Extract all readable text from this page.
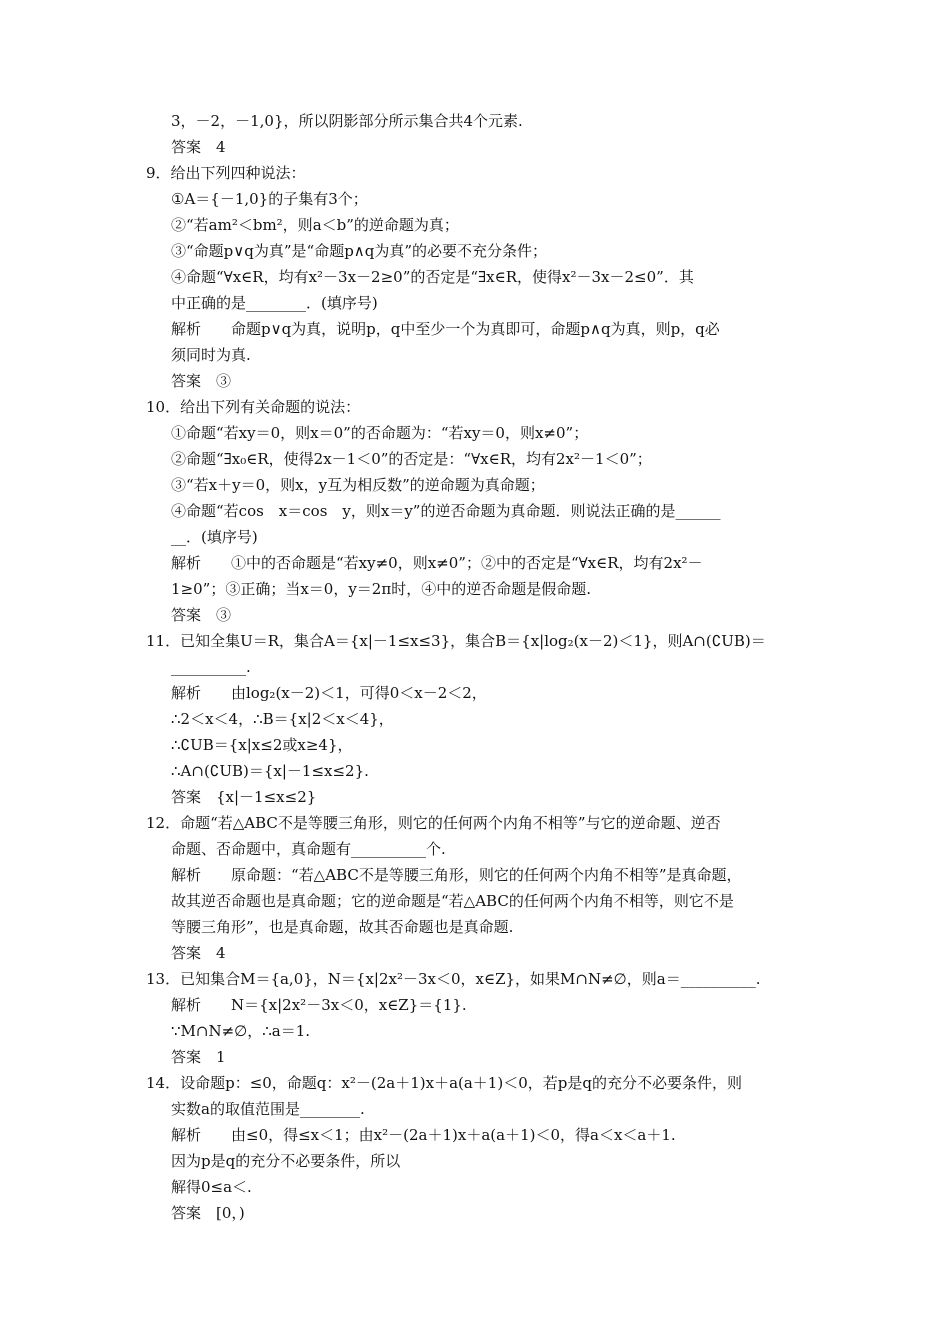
3，－2，－1,0}，所以阴影部分所示集合共4个元素.
答案　4
9．给出下列四种说法：
①A＝{－1,0}的子集有3个；
②“若am²＜bm²，则a＜b”的逆命题为真；
③“命题p∨q为真”是“命题p∧q为真”的必要不充分条件；
④命题“∀x∈R，均有x²－3x－2≥0”的否定是“∃x∈R，使得x²－3x－2≤0”．其
中正确的是________．(填序号)
解析　　命题p∨q为真，说明p，q中至少一个为真即可，命题p∧q为真，则p，q必
须同时为真.
答案　③
10．给出下列有关命题的说法：
①命题“若xy＝0，则x＝0”的否命题为：“若xy＝0，则x≠0”；
②命题“∃x₀∈R，使得2x－1＜0”的否定是：“∀x∈R，均有2x²－1＜0”；
③“若x＋y＝0，则x，y互为相反数”的逆命题为真命题；
④命题“若cos　x＝cos　y，则x＝y”的逆否命题为真命题．则说法正确的是______
__．(填序号)
解析　　①中的否命题是“若xy≠0，则x≠0”；②中的否定是“∀x∈R，均有2x²－
1≥0”；③正确；当x＝0，y＝2π时，④中的逆否命题是假命题.
答案　③
11．已知全集U＝R，集合A＝{x|－1≤x≤3}，集合B＝{x|log₂(x－2)＜1}，则A∩(∁UB)＝
__________.
解析　　由log₂(x－2)＜1，可得0＜x－2＜2，
∴2＜x＜4，∴B＝{x|2＜x＜4}，
∴∁UB＝{x|x≤2或x≥4}，
∴A∩(∁UB)＝{x|－1≤x≤2}.
答案　{x|－1≤x≤2}
12．命题“若△ABC不是等腰三角形，则它的任何两个内角不相等”与它的逆命题、逆否
命题、否命题中，真命题有__________个.
解析　　原命题：“若△ABC不是等腰三角形，则它的任何两个内角不相等”是真命题，
故其逆否命题也是真命题；它的逆命题是“若△ABC的任何两个内角不相等，则它不是
等腰三角形”，也是真命题，故其否命题也是真命题.
答案　4
13．已知集合M＝{a,0}，N＝{x|2x²－3x＜0，x∈Z}，如果M∩N≠∅，则a＝__________.
解析　　N＝{x|2x²－3x＜0，x∈Z}＝{1}.
∵M∩N≠∅，∴a＝1.
答案　1
14．设命题p：≤0，命题q：x²－(2a＋1)x＋a(a＋1)＜0，若p是q的充分不必要条件，则
实数a的取值范围是________.
解析　　由≤0，得≤x＜1；由x²－(2a＋1)x＋a(a＋1)＜0，得a＜x＜a＋1.
因为p是q的充分不必要条件，所以
解得0≤a＜.
答案　[0，)
